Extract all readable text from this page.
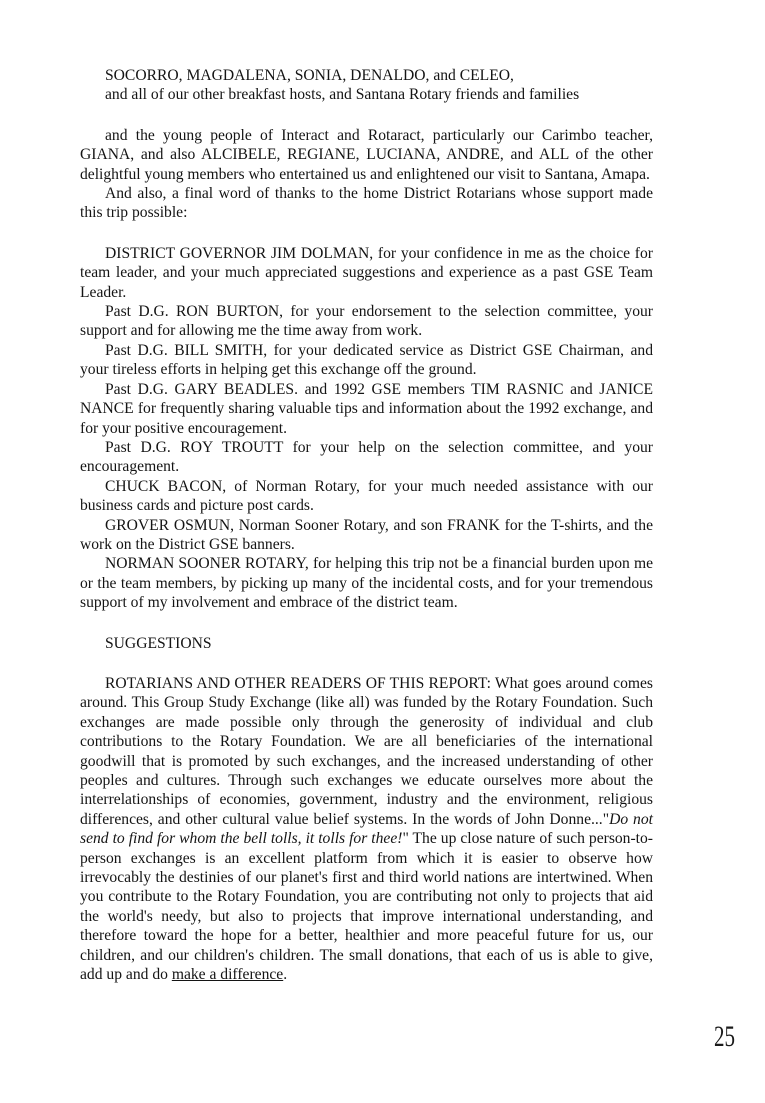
SOCORRO, MAGDALENA, SONIA, DENALDO, and CELEO,
and all of our other breakfast hosts, and Santana Rotary friends and families

and the young people of Interact and Rotaract, particularly our Carimbo teacher, GIANA, and also ALCIBELE, REGIANE, LUCIANA, ANDRE, and ALL of the other delightful young members who entertained us and enlightened our visit to Santana, Amapa.

And also, a final word of thanks to the home District Rotarians whose support made this trip possible:

DISTRICT GOVERNOR JIM DOLMAN, for your confidence in me as the choice for team leader, and your much appreciated suggestions and experience as a past GSE Team Leader.

Past D.G. RON BURTON, for your endorsement to the selection committee, your support and for allowing me the time away from work.

Past D.G. BILL SMITH, for your dedicated service as District GSE Chairman, and your tireless efforts in helping get this exchange off the ground.

Past D.G. GARY BEADLES. and 1992 GSE members TIM RASNIC and JANICE NANCE for frequently sharing valuable tips and information about the 1992 exchange, and for your positive encouragement.

Past D.G. ROY TROUTT for your help on the selection committee, and your encouragement.

CHUCK BACON, of Norman Rotary, for your much needed assistance with our business cards and picture post cards.

GROVER OSMUN, Norman Sooner Rotary, and son FRANK for the T-shirts, and the work on the District GSE banners.

NORMAN SOONER ROTARY, for helping this trip not be a financial burden upon me or the team members, by picking up many of the incidental costs, and for your tremendous support of my involvement and embrace of the district team.

SUGGESTIONS

ROTARIANS AND OTHER READERS OF THIS REPORT: What goes around comes around. This Group Study Exchange (like all) was funded by the Rotary Foundation. Such exchanges are made possible only through the generosity of individual and club contributions to the Rotary Foundation. We are all beneficiaries of the international goodwill that is promoted by such exchanges, and the increased understanding of other peoples and cultures. Through such exchanges we educate ourselves more about the interrelationships of economies, government, industry and the environment, religious differences, and other cultural value belief systems. In the words of John Donne..."Do not send to find for whom the bell tolls, it tolls for thee!" The up close nature of such person-to-person exchanges is an excellent platform from which it is easier to observe how irrevocably the destinies of our planet's first and third world nations are intertwined. When you contribute to the Rotary Foundation, you are contributing not only to projects that aid the world's needy, but also to projects that improve international understanding, and therefore toward the hope for a better, healthier and more peaceful future for us, our children, and our children's children. The small donations, that each of us is able to give, add up and do make a difference.

25
